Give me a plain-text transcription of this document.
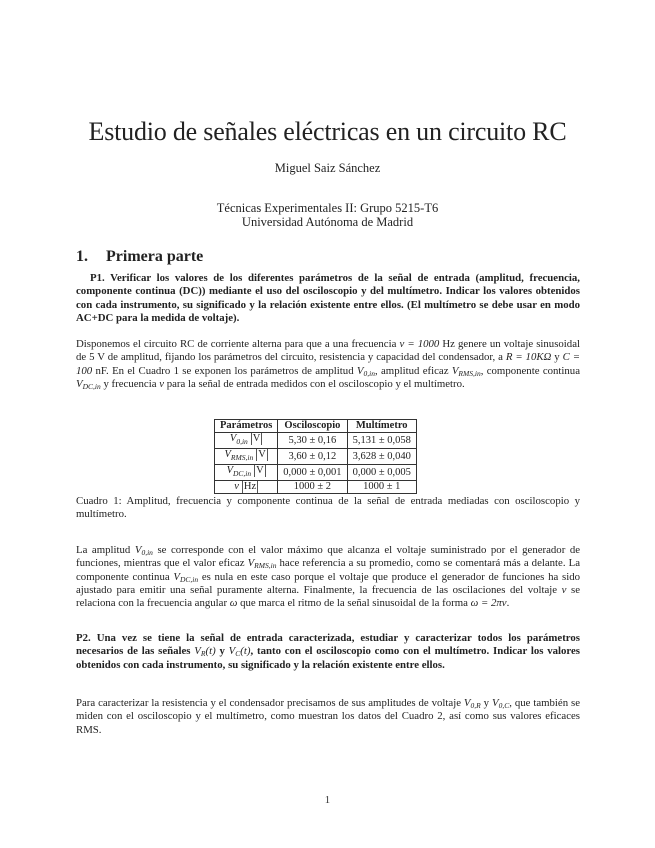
Estudio de señales eléctricas en un circuito RC
Miguel Saiz Sánchez
Técnicas Experimentales II: Grupo 5215-T6
Universidad Autónoma de Madrid
1. Primera parte
P1. Verificar los valores de los diferentes parámetros de la señal de entrada (amplitud, frecuencia, componente continua (DC)) mediante el uso del osciloscopio y del multímetro. Indicar los valores obtenidos con cada instrumento, su significado y la relación existente entre ellos. (El multímetro se debe usar en modo AC+DC para la medida de voltaje).
Disponemos el circuito RC de corriente alterna para que a una frecuencia ν = 1000 Hz genere un voltaje sinusoidal de 5 V de amplitud, fijando los parámetros del circuito, resistencia y capacidad del condensador, a R = 10KΩ y C = 100 nF. En el Cuadro 1 se exponen los parámetros de amplitud $V_{0,in}$, amplitud eficaz $V_{RMS,in}$, componente continua $V_{DC,in}$ y frecuencia ν para la señal de entrada medidos con el osciloscopio y el multímetro.
Parámetros	Osciloscopio	Multímetro
$V_{0,in}$ V	5,30 ± 0,16	5,131 ± 0,058
$V_{RMS,in}$ V	3,60 ± 0,12	3,628 ± 0,040
$V_{DC,in}$ V	0,000 ± 0,001	0,000 ± 0,005
ν Hz	1000 ± 2	1000 ± 1
Cuadro 1: Amplitud, frecuencia y componente continua de la señal de entrada mediadas con osciloscopio y multímetro.
La amplitud $V_{0,in}$ se corresponde con el valor máximo que alcanza el voltaje suministrado por el generador de funciones, mientras que el valor eficaz $V_{RMS,in}$ hace referencia a su promedio, como se comentará más a delante. La componente continua $V_{DC,in}$ es nula en este caso porque el voltaje que produce el generador de funciones ha sido ajustado para emitir una señal puramente alterna. Finalmente, la frecuencia de las oscilaciones del voltaje ν se relaciona con la frecuencia angular ω que marca el ritmo de la señal sinusoidal de la forma ω = 2πν.
P2. Una vez se tiene la señal de entrada caracterizada, estudiar y caracterizar todos los parámetros necesarios de las señales $V_R(t)$ y $V_C(t)$, tanto con el osciloscopio como con el multímetro. Indicar los valores obtenidos con cada instrumento, su significado y la relación existente entre ellos.
Para caracterizar la resistencia y el condensador precisamos de sus amplitudes de voltaje $V_{0,R}$ y $V_{0,C}$, que también se miden con el osciloscopio y el multímetro, como muestran los datos del Cuadro 2, así como sus valores eficaces RMS.
1
